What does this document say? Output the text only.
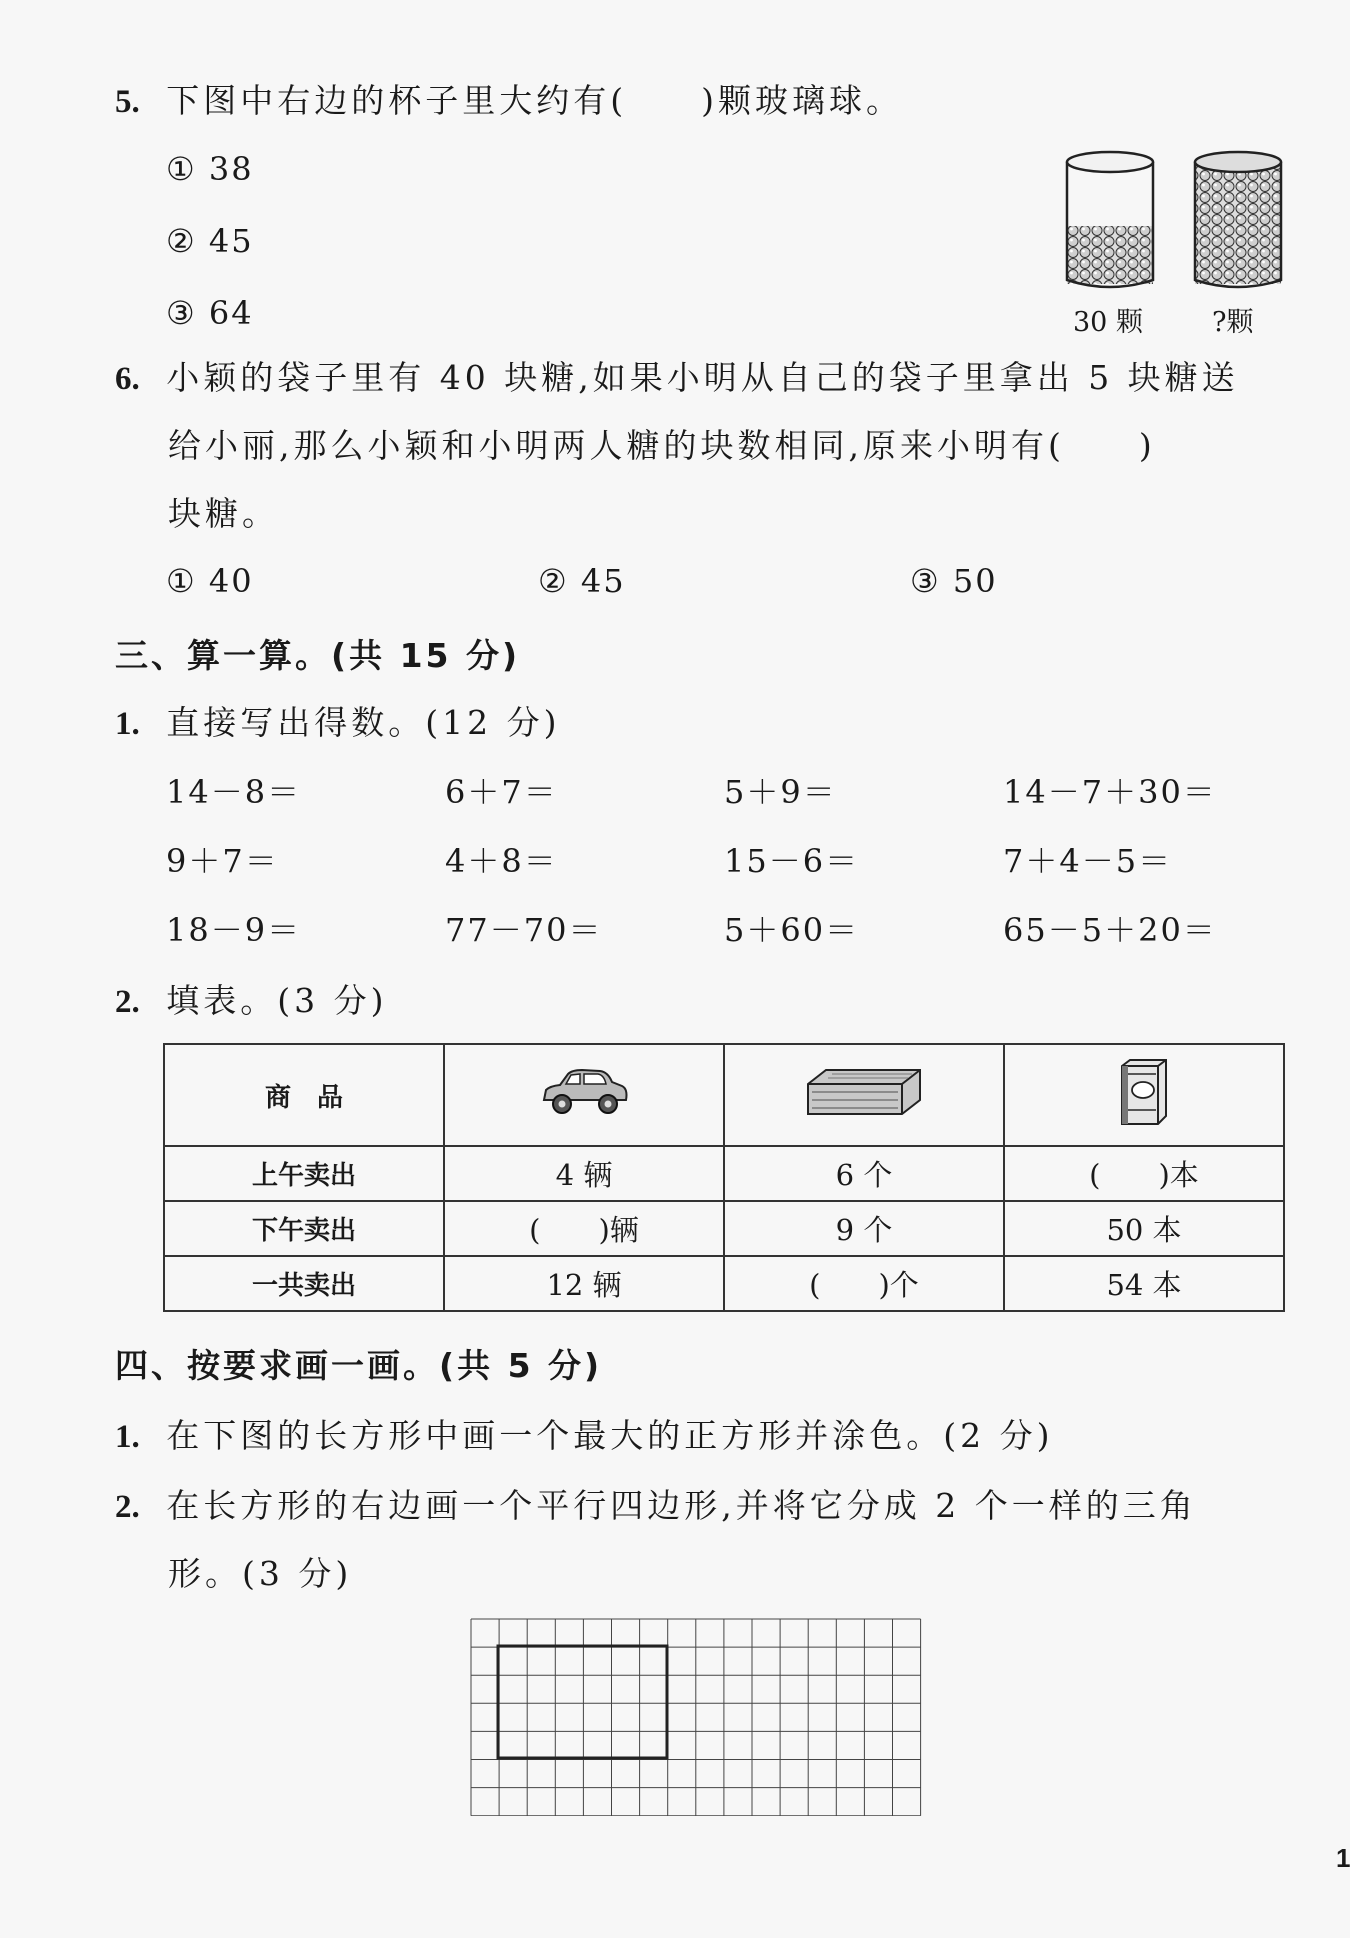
5. 下图中右边的杯子里大约有(　　)颗玻璃球。
① 38
② 45
③ 64	30 颗	?颗
6. 小颖的袋子里有 40 块糖,如果小明从自己的袋子里拿出 5 块糖送
给小丽,那么小颖和小明两人糖的块数相同,原来小明有(　　)
块糖。
① 40	② 45	③ 50
三、算一算。(共 15 分)
1. 直接写出得数。(12 分)
14－8＝	6＋7＝	5＋9＝	14－7＋30＝
9＋7＝	4＋8＝	15－6＝	7＋4－5＝
18－9＝	77－70＝	5＋60＝	65－5＋20＝
2. 填表。(3 分)
商　品			
上午卖出	4 辆	6 个	(　　)本
下午卖出	(　　)辆	9 个	50 本
一共卖出	12 辆	(　　)个	54 本
四、按要求画一画。(共 5 分)
1. 在下图的长方形中画一个最大的正方形并涂色。(2 分)
2. 在长方形的右边画一个平行四边形,并将它分成 2 个一样的三角
形。(3 分)
1
